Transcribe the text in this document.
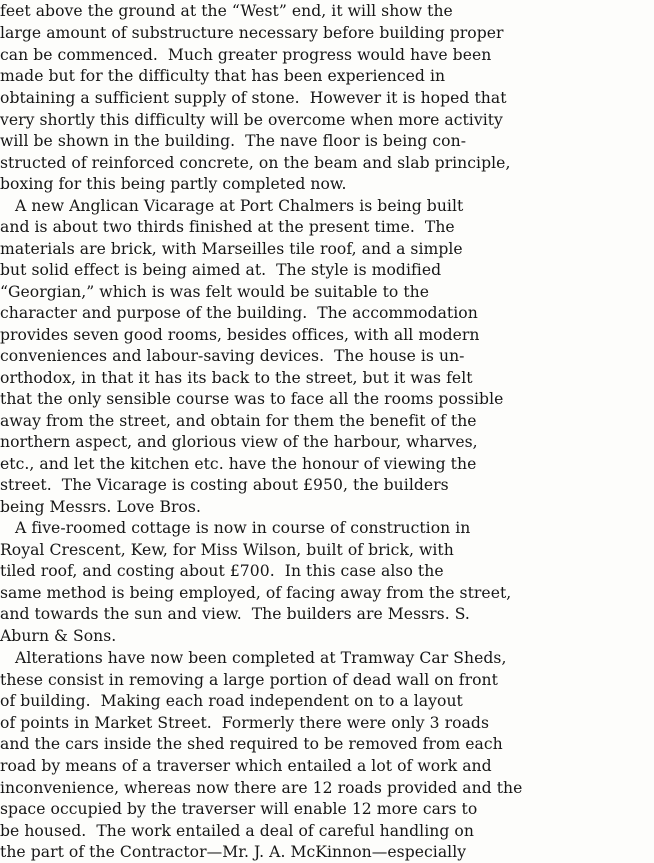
feet above the ground at the “West” end, it will show the
large amount of substructure necessary before building proper
can be commenced.  Much greater progress would have been
made but for the difficulty that has been experienced in
obtaining a sufficient supply of stone.  However it is hoped that
very shortly this difficulty will be overcome when more activity
will be shown in the building.  The nave floor is being con-
structed of reinforced concrete, on the beam and slab principle,
boxing for this being partly completed now.
A new Anglican Vicarage at Port Chalmers is being built
and is about two thirds finished at the present time.  The
materials are brick, with Marseilles tile roof, and a simple
but solid effect is being aimed at.  The style is modified
“Georgian,” which is was felt would be suitable to the
character and purpose of the building.  The accommodation
provides seven good rooms, besides offices, with all modern
conveniences and labour-saving devices.  The house is un-
orthodox, in that it has its back to the street, but it was felt
that the only sensible course was to face all the rooms possible
away from the street, and obtain for them the benefit of the
northern aspect, and glorious view of the harbour, wharves,
etc., and let the kitchen etc. have the honour of viewing the
street.  The Vicarage is costing about £950, the builders
being Messrs. Love Bros.
A five-roomed cottage is now in course of construction in
Royal Crescent, Kew, for Miss Wilson, built of brick, with
tiled roof, and costing about £700.  In this case also the
same method is being employed, of facing away from the street,
and towards the sun and view.  The builders are Messrs. S.
Aburn & Sons.
Alterations have now been completed at Tramway Car Sheds,
these consist in removing a large portion of dead wall on front
of building.  Making each road independent on to a layout
of points in Market Street.  Formerly there were only 3 roads
and the cars inside the shed required to be removed from each
road by means of a traverser which entailed a lot of work and
inconvenience, whereas now there are 12 roads provided and the
space occupied by the traverser will enable 12 more cars to
be housed.  The work entailed a deal of careful handling on
the part of the Contractor—Mr. J. A. McKinnon—especially
